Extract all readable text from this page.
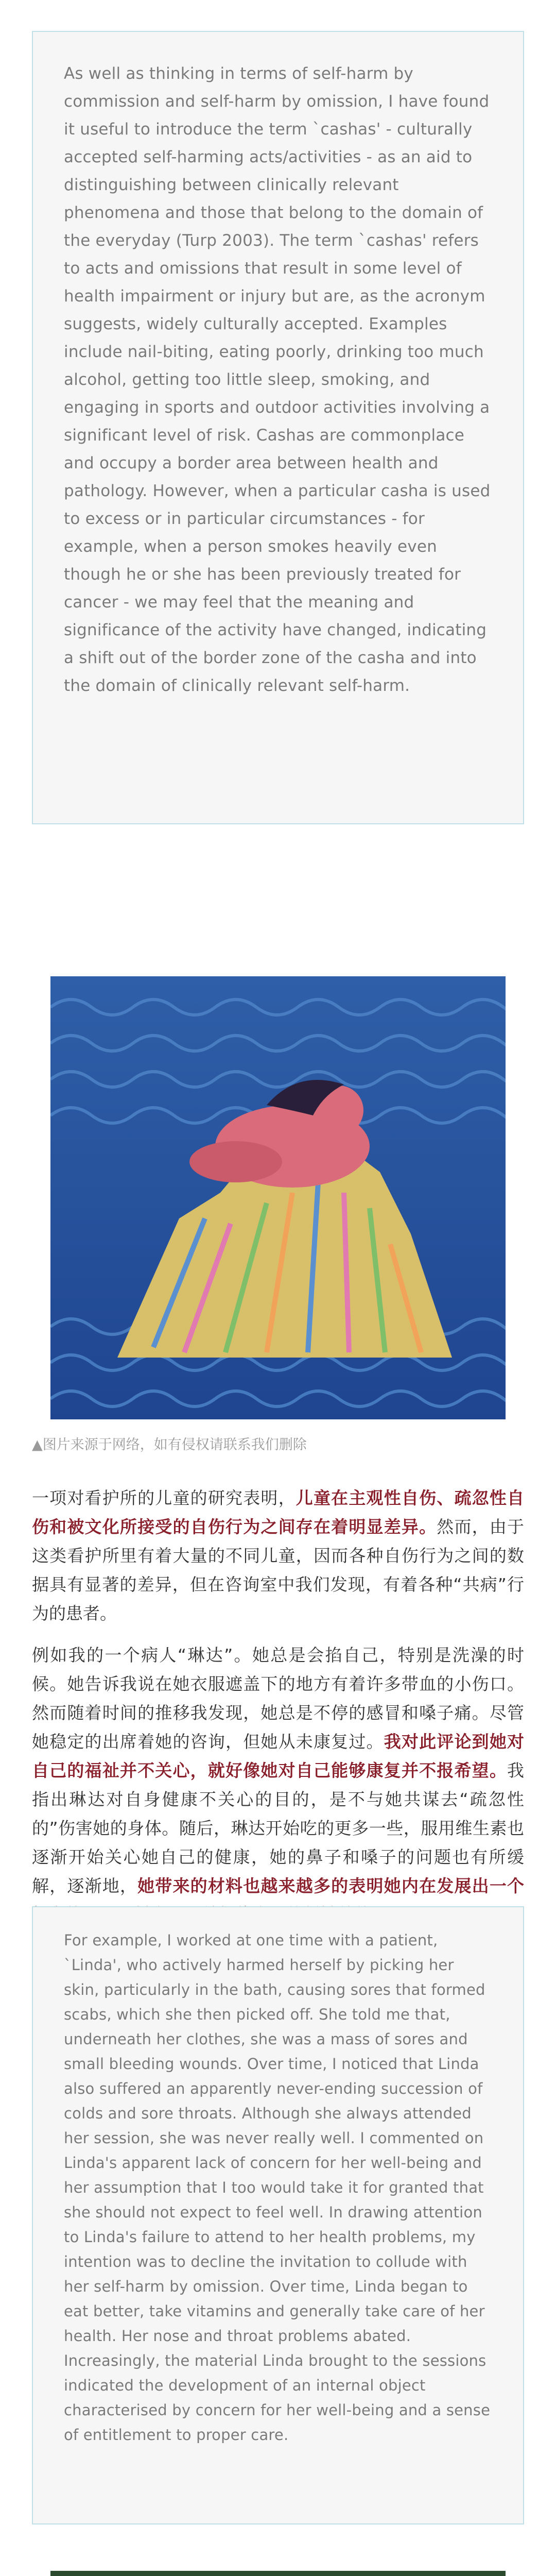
As well as thinking in terms of self-harm by commission and self-harm by omission, I have found it useful to introduce the term `cashas' - culturally accepted self-harming acts/activities - as an aid to distinguishing between clinically relevant phenomena and those that belong to the domain of the everyday (Turp 2003). The term `cashas' refers to acts and omissions that result in some level of health impairment or injury but are, as the acronym suggests, widely culturally accepted. Examples include nail-biting, eating poorly, drinking too much alcohol, getting too little sleep, smoking, and engaging in sports and outdoor activities involving a significant level of risk. Cashas are commonplace and occupy a border area between health and pathology. However, when a particular casha is used to excess or in particular circumstances - for example, when a person smokes heavily even though he or she has been previously treated for cancer - we may feel that the meaning and significance of the activity have changed, indicating a shift out of the border zone of the casha and into the domain of clinically relevant self-harm.

▲图片来源于网络，如有侵权请联系我们删除

一项对看护所的儿童的研究表明，儿童在主观性自伤、疏忽性自伤和被文化所接受的自伤行为之间存在着明显差异。然而，由于这类看护所里有着大量的不同儿童，因而各种自伤行为之间的数据具有显著的差异，但在咨询室中我们发现，有着各种“共病”行为的患者。

例如我的一个病人“琳达”。她总是会掐自己，特别是洗澡的时候。她告诉我说在她衣服遮盖下的地方有着许多带血的小伤口。然而随着时间的推移我发现，她总是不停的感冒和嗓子痛。尽管她稳定的出席着她的咨询，但她从未康复过。我对此评论到她对自己的福祉并不关心，就好像她对自己能够康复并不报希望。我指出琳达对自身健康不关心的目的，是不与她共谋去“疏忽性的”伤害她的身体。随后，琳达开始吃的更多一些，服用维生素也逐渐开始关心她自己的健康，她的鼻子和嗓子的问题也有所缓解，逐渐地，她带来的材料也越来越多的表明她内在发展出一个

For example, I worked at one time with a patient, `Linda', who actively harmed herself by picking her skin, particularly in the bath, causing sores that formed scabs, which she then picked off. She told me that, underneath her clothes, she was a mass of sores and small bleeding wounds. Over time, I noticed that Linda also suffered an apparently never-ending succession of colds and sore throats. Although she always attended her session, she was never really well. I commented on Linda's apparent lack of concern for her well-being and her assumption that I too would take it for granted that she should not expect to feel well. In drawing attention to Linda's failure to attend to her health problems, my intention was to decline the invitation to collude with her self-harm by omission. Over time, Linda began to eat better, take vitamins and generally take care of her health. Her nose and throat problems abated. Increasingly, the material Linda brought to the sessions indicated the development of an internal object characterised by concern for her well-being and a sense of entitlement to proper care.
